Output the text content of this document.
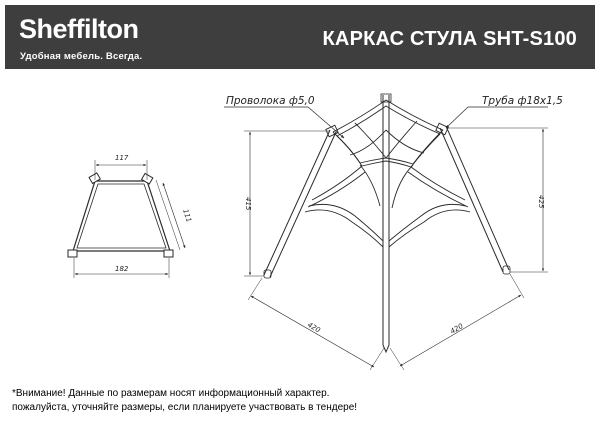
Sheffilton
Удобная мебель. Всегда.
КАРКАС СТУЛА SHT-S100
117
111
182
Проволока ф5,0	Труба ф18х1,5
415	425
420	420
*Внимание! Данные по размерам носят информационный характер.
пожалуйста, уточняйте размеры, если планируете участвовать в тендере!
